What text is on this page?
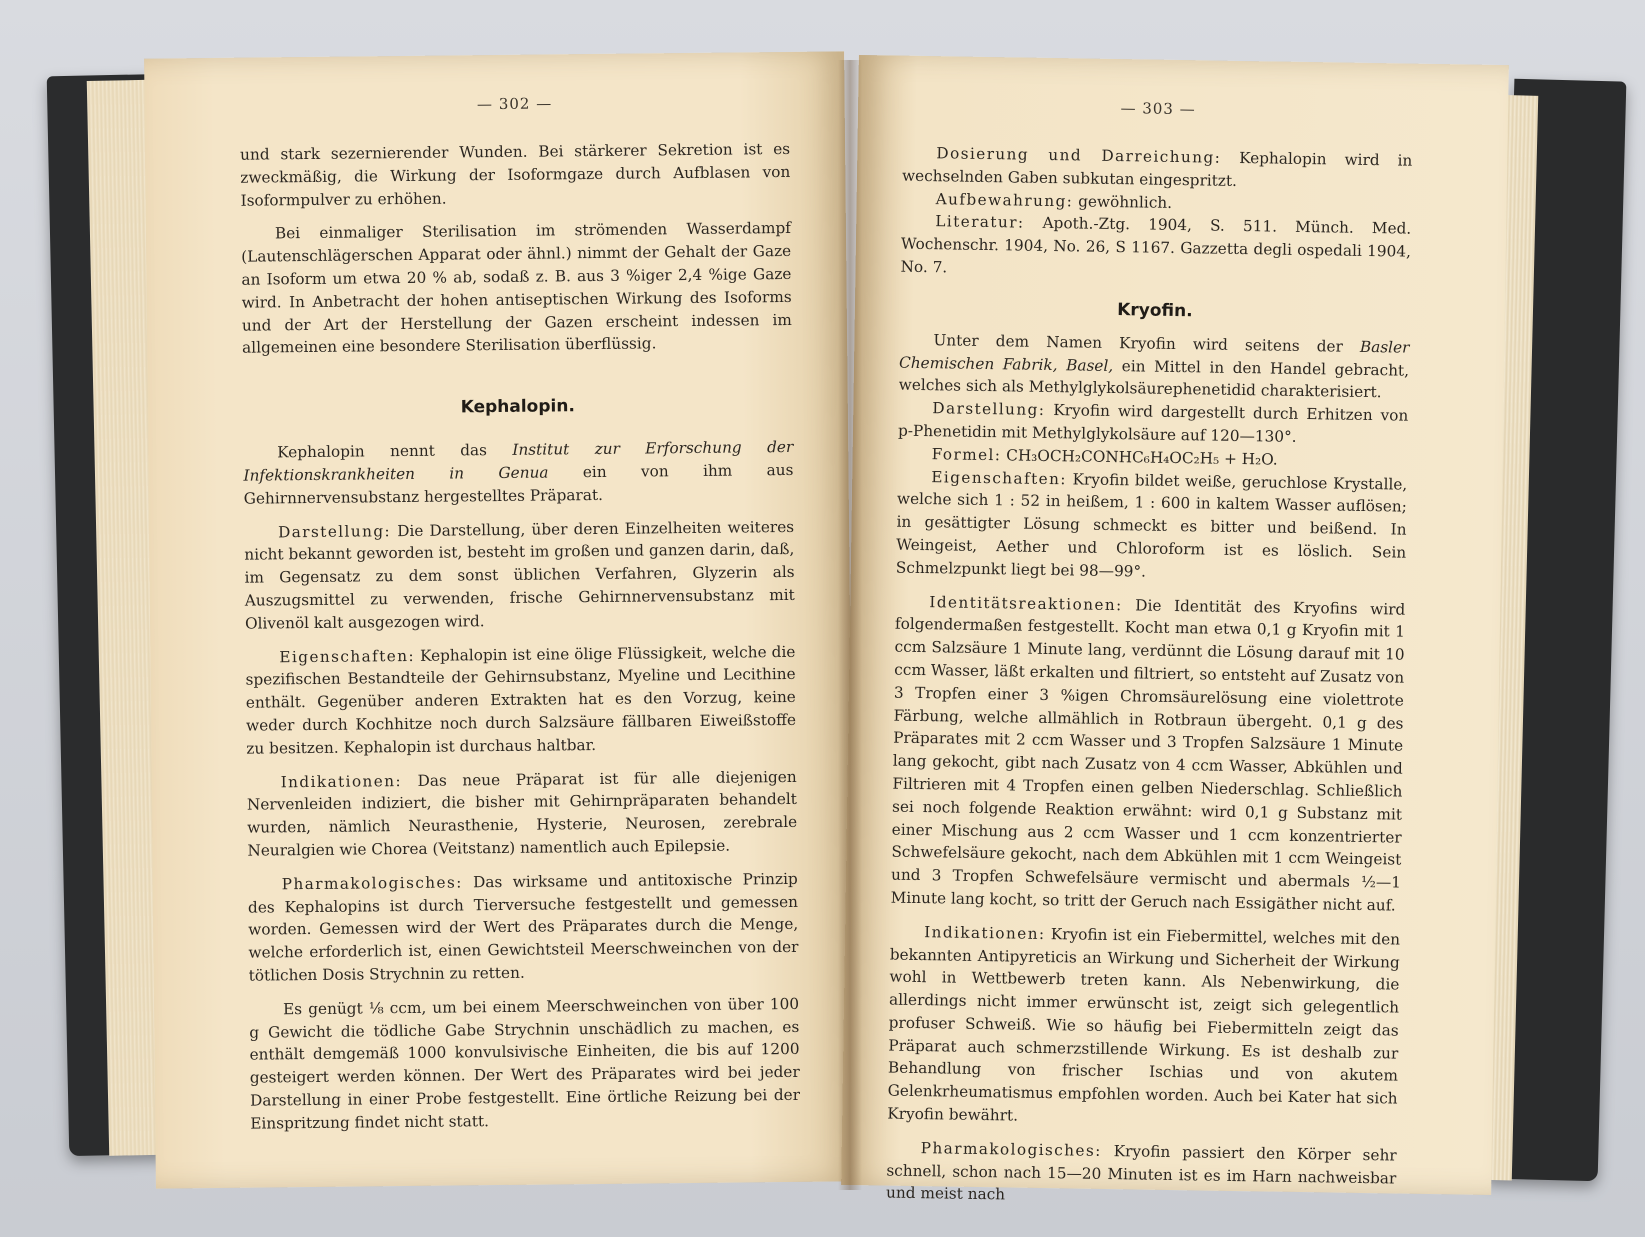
— 302 —

und stark sezernierender Wunden. Bei stärkerer Sekretion ist es zweckmäßig, die Wirkung der Isoformgaze durch Aufblasen von Isoformpulver zu erhöhen.

Bei einmaliger Sterilisation im strömenden Wasserdampf (Lautenschlägerschen Apparat oder ähnl.) nimmt der Gehalt der Gaze an Isoform um etwa 20 % ab, sodaß z. B. aus 3 %iger 2,4 %ige Gaze wird. In Anbetracht der hohen antiseptischen Wirkung des Isoforms und der Art der Herstellung der Gazen erscheint indessen im allgemeinen eine besondere Sterilisation überflüssig.

Kephalopin.

Kephalopin nennt das Institut zur Erforschung der Infektionskrankheiten in Genua ein von ihm aus Gehirnnervensubstanz hergestelltes Präparat.

Darstellung: Die Darstellung, über deren Einzelheiten weiteres nicht bekannt geworden ist, besteht im großen und ganzen darin, daß, im Gegensatz zu dem sonst üblichen Verfahren, Glyzerin als Auszugsmittel zu verwenden, frische Gehirnnervensubstanz mit Olivenöl kalt ausgezogen wird.

Eigenschaften: Kephalopin ist eine ölige Flüssigkeit, welche die spezifischen Bestandteile der Gehirnsubstanz, Myeline und Lecithine enthält. Gegenüber anderen Extrakten hat es den Vorzug, keine weder durch Kochhitze noch durch Salzsäure fällbaren Eiweißstoffe zu besitzen. Kephalopin ist durchaus haltbar.

Indikationen: Das neue Präparat ist für alle diejenigen Nervenleiden indiziert, die bisher mit Gehirnpräparaten behandelt wurden, nämlich Neurasthenie, Hysterie, Neurosen, zerebrale Neuralgien wie Chorea (Veitstanz) namentlich auch Epilepsie.

Pharmakologisches: Das wirksame und antitoxische Prinzip des Kephalopins ist durch Tierversuche festgestellt und gemessen worden. Gemessen wird der Wert des Präparates durch die Menge, welche erforderlich ist, einen Gewichtsteil Meerschweinchen von der tötlichen Dosis Strychnin zu retten.

Es genügt ⅛ ccm, um bei einem Meerschweinchen von über 100 g Gewicht die tödliche Gabe Strychnin unschädlich zu machen, es enthält demgemäß 1000 konvulsivische Einheiten, die bis auf 1200 gesteigert werden können. Der Wert des Präparates wird bei jeder Darstellung in einer Probe festgestellt. Eine örtliche Reizung bei der Einspritzung findet nicht statt.

— 303 —

Dosierung und Darreichung: Kephalopin wird in wechselnden Gaben subkutan eingespritzt.

Aufbewahrung: gewöhnlich.

Literatur: Apoth.-Ztg. 1904, S. 511. Münch. Med. Wochenschr. 1904, No. 26, S 1167. Gazzetta degli ospedali 1904, No. 7.

Kryofin.

Unter dem Namen Kryofin wird seitens der Basler Chemischen Fabrik, Basel, ein Mittel in den Handel gebracht, welches sich als Methylglykolsäurephenetidid charakterisiert.

Darstellung: Kryofin wird dargestellt durch Erhitzen von p-Phenetidin mit Methylglykolsäure auf 120—130°.

Formel: CH₃OCH₂CONHC₆H₄OC₂H₅ + H₂O.

Eigenschaften: Kryofin bildet weiße, geruchlose Krystalle, welche sich 1 : 52 in heißem, 1 : 600 in kaltem Wasser auflösen; in gesättigter Lösung schmeckt es bitter und beißend. In Weingeist, Aether und Chloroform ist es löslich. Sein Schmelzpunkt liegt bei 98—99°.

Identitätsreaktionen: Die Identität des Kryofins wird folgendermaßen festgestellt. Kocht man etwa 0,1 g Kryofin mit 1 ccm Salzsäure 1 Minute lang, verdünnt die Lösung darauf mit 10 ccm Wasser, läßt erkalten und filtriert, so entsteht auf Zusatz von 3 Tropfen einer 3 %igen Chromsäurelösung eine violettrote Färbung, welche allmählich in Rotbraun übergeht. 0,1 g des Präparates mit 2 ccm Wasser und 3 Tropfen Salzsäure 1 Minute lang gekocht, gibt nach Zusatz von 4 ccm Wasser, Abkühlen und Filtrieren mit 4 Tropfen einen gelben Niederschlag. Schließlich sei noch folgende Reaktion erwähnt: wird 0,1 g Substanz mit einer Mischung aus 2 ccm Wasser und 1 ccm konzentrierter Schwefelsäure gekocht, nach dem Abkühlen mit 1 ccm Weingeist und 3 Tropfen Schwefelsäure vermischt und abermals ½—1 Minute lang kocht, so tritt der Geruch nach Essigäther nicht auf.

Indikationen: Kryofin ist ein Fiebermittel, welches mit den bekannten Antipyreticis an Wirkung und Sicherheit der Wirkung wohl in Wettbewerb treten kann. Als Nebenwirkung, die allerdings nicht immer erwünscht ist, zeigt sich gelegentlich profuser Schweiß. Wie so häufig bei Fiebermitteln zeigt das Präparat auch schmerzstillende Wirkung. Es ist deshalb zur Behandlung von frischer Ischias und von akutem Gelenkrheumatismus empfohlen worden. Auch bei Kater hat sich Kryofin bewährt.

Pharmakologisches: Kryofin passiert den Körper sehr schnell, schon nach 15—20 Minuten ist es im Harn nachweisbar und meist nach
